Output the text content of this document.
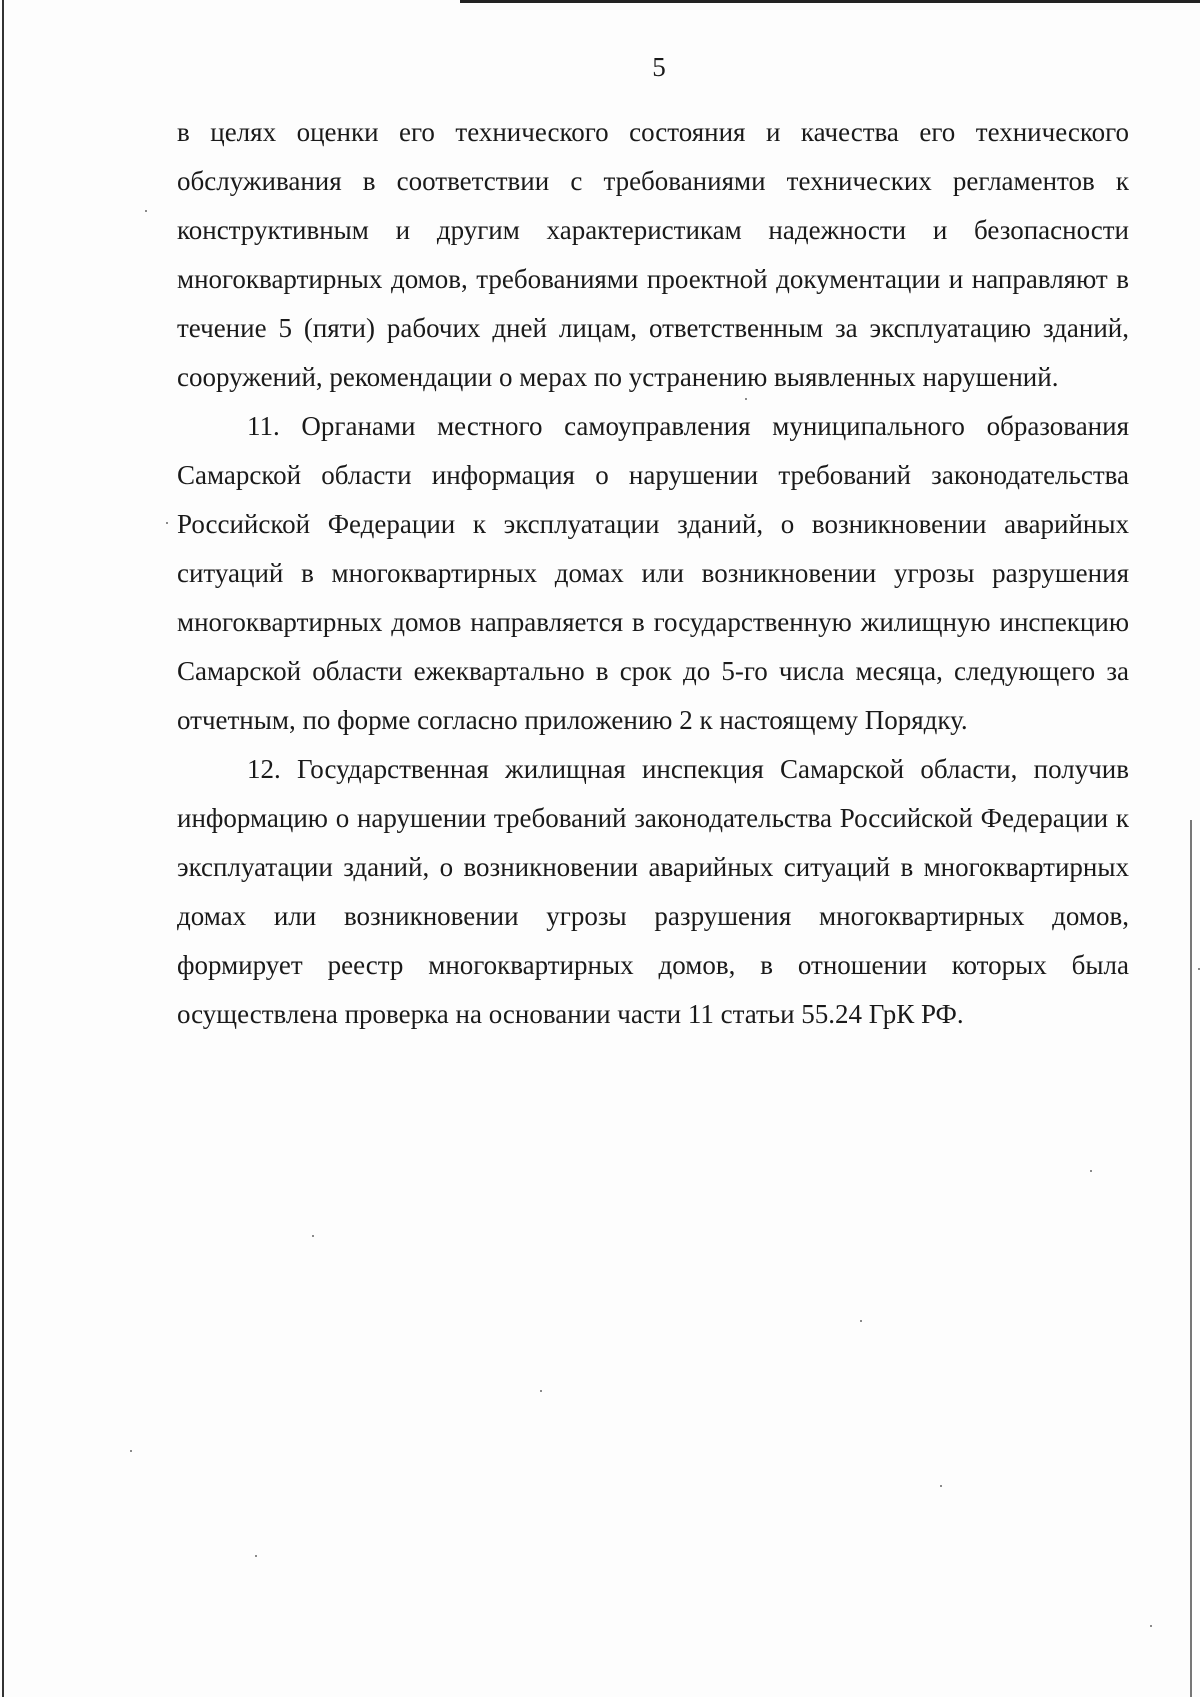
5

в целях оценки его технического состояния и качества его технического обслуживания в соответствии с требованиями технических регламентов к конструктивным и другим характеристикам надежности и безопасности многоквартирных домов, требованиями проектной документации и направляют в течение 5 (пяти) рабочих дней лицам, ответственным за эксплуатацию зданий, сооружений, рекомендации о мерах по устранению выявленных нарушений.

11. Органами местного самоуправления муниципального образования Самарской области информация о нарушении требований законодательства Российской Федерации к эксплуатации зданий, о возникновении аварийных ситуаций в многоквартирных домах или возникновении угрозы разрушения многоквартирных домов направляется в государственную жилищную инспекцию Самарской области ежеквартально в срок до 5-го числа месяца, следующего за отчетным, по форме согласно приложению 2 к настоящему Порядку.

12. Государственная жилищная инспекция Самарской области, получив информацию о нарушении требований законодательства Российской Федерации к эксплуатации зданий, о возникновении аварийных ситуаций в многоквартирных домах или возникновении угрозы разрушения многоквартирных домов, формирует реестр многоквартирных домов, в отношении которых была осуществлена проверка на основании части 11 статьи 55.24 ГрК РФ.
